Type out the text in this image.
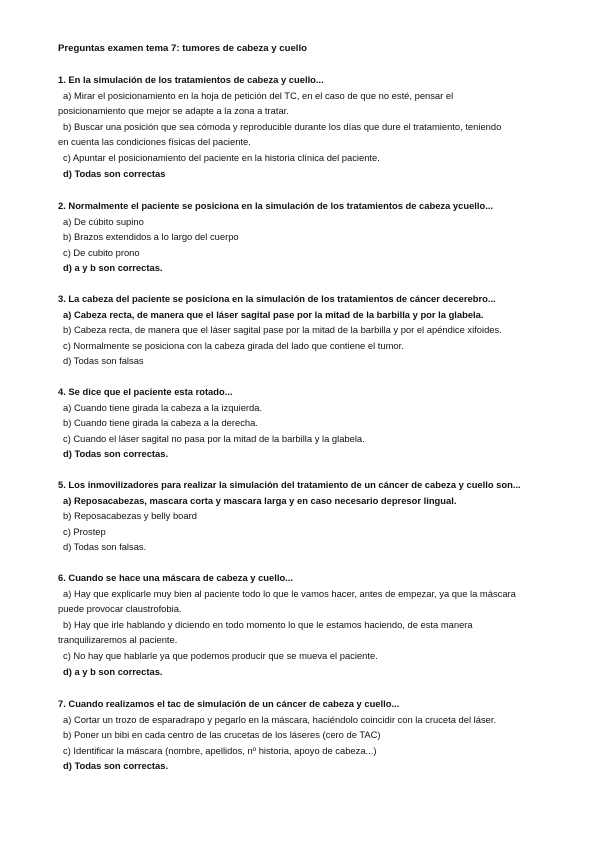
Preguntas examen tema 7: tumores de cabeza y cuello
1. En la simulación de los tratamientos de cabeza y cuello...
a) Mirar el posicionamiento en la hoja de petición del TC, en el caso de que no esté, pensar el
posicionamiento que mejor se adapte a la zona a tratar.
b) Buscar una posición que sea cómoda y reproducible durante los días que dure el tratamiento, teniendo
en cuenta las condiciones físicas del paciente.
c) Apuntar el posicionamiento del paciente en la historia clínica del paciente.
d) Todas son correctas
2. Normalmente el paciente se posiciona en la simulación de los tratamientos de cabeza ycuello...
a) De cúbito supino
b) Brazos extendidos a lo largo del cuerpo
c) De cubito prono
d) a y b son correctas.
3. La cabeza del paciente se posiciona en la simulación de los tratamientos de cáncer decerebro...
a) Cabeza recta, de manera que el láser sagital pase por la mitad de la barbilla y por la glabela.
b) Cabeza recta, de manera que el láser sagital pase por la mitad de la barbilla y por el apéndice xifoides.
c) Normalmente se posiciona con la cabeza girada del lado que contiene el tumor.
d) Todas son falsas
4. Se dice que el paciente esta rotado...
a) Cuando tiene girada la cabeza a la izquierda.
b) Cuando tiene girada la cabeza a la derecha.
c) Cuando el láser sagital no pasa por la mitad de la barbilla y la glabela.
d) Todas son correctas.
5. Los inmovilizadores para realizar la simulación del tratamiento de un cáncer de cabeza y cuello son...
a) Reposacabezas, mascara corta y mascara larga y en caso necesario depresor lingual.
b) Reposacabezas y belly board
c) Prostep
d) Todas son falsas.
6. Cuando se hace una máscara de cabeza y cuello...
a) Hay que explicarle muy bien al paciente todo lo que le vamos hacer, antes de empezar, ya que la máscara
puede provocar claustrofobia.
b) Hay que irle hablando y diciendo en todo momento lo que le estamos haciendo, de esta manera
tranquilizaremos al paciente.
c) No hay que hablarle ya que podemos producir que se mueva el paciente.
d) a y b son correctas.
7. Cuando realizamos el tac de simulación de un cáncer de cabeza y cuello...
a) Cortar un trozo de esparadrapo y pegarlo en la máscara, haciéndolo coincidir con la cruceta del láser.
b) Poner un bibi en cada centro de las crucetas de los láseres (cero de TAC)
c) Identificar la máscara (nombre, apellidos, nº historia, apoyo de cabeza...)
d) Todas son correctas.
